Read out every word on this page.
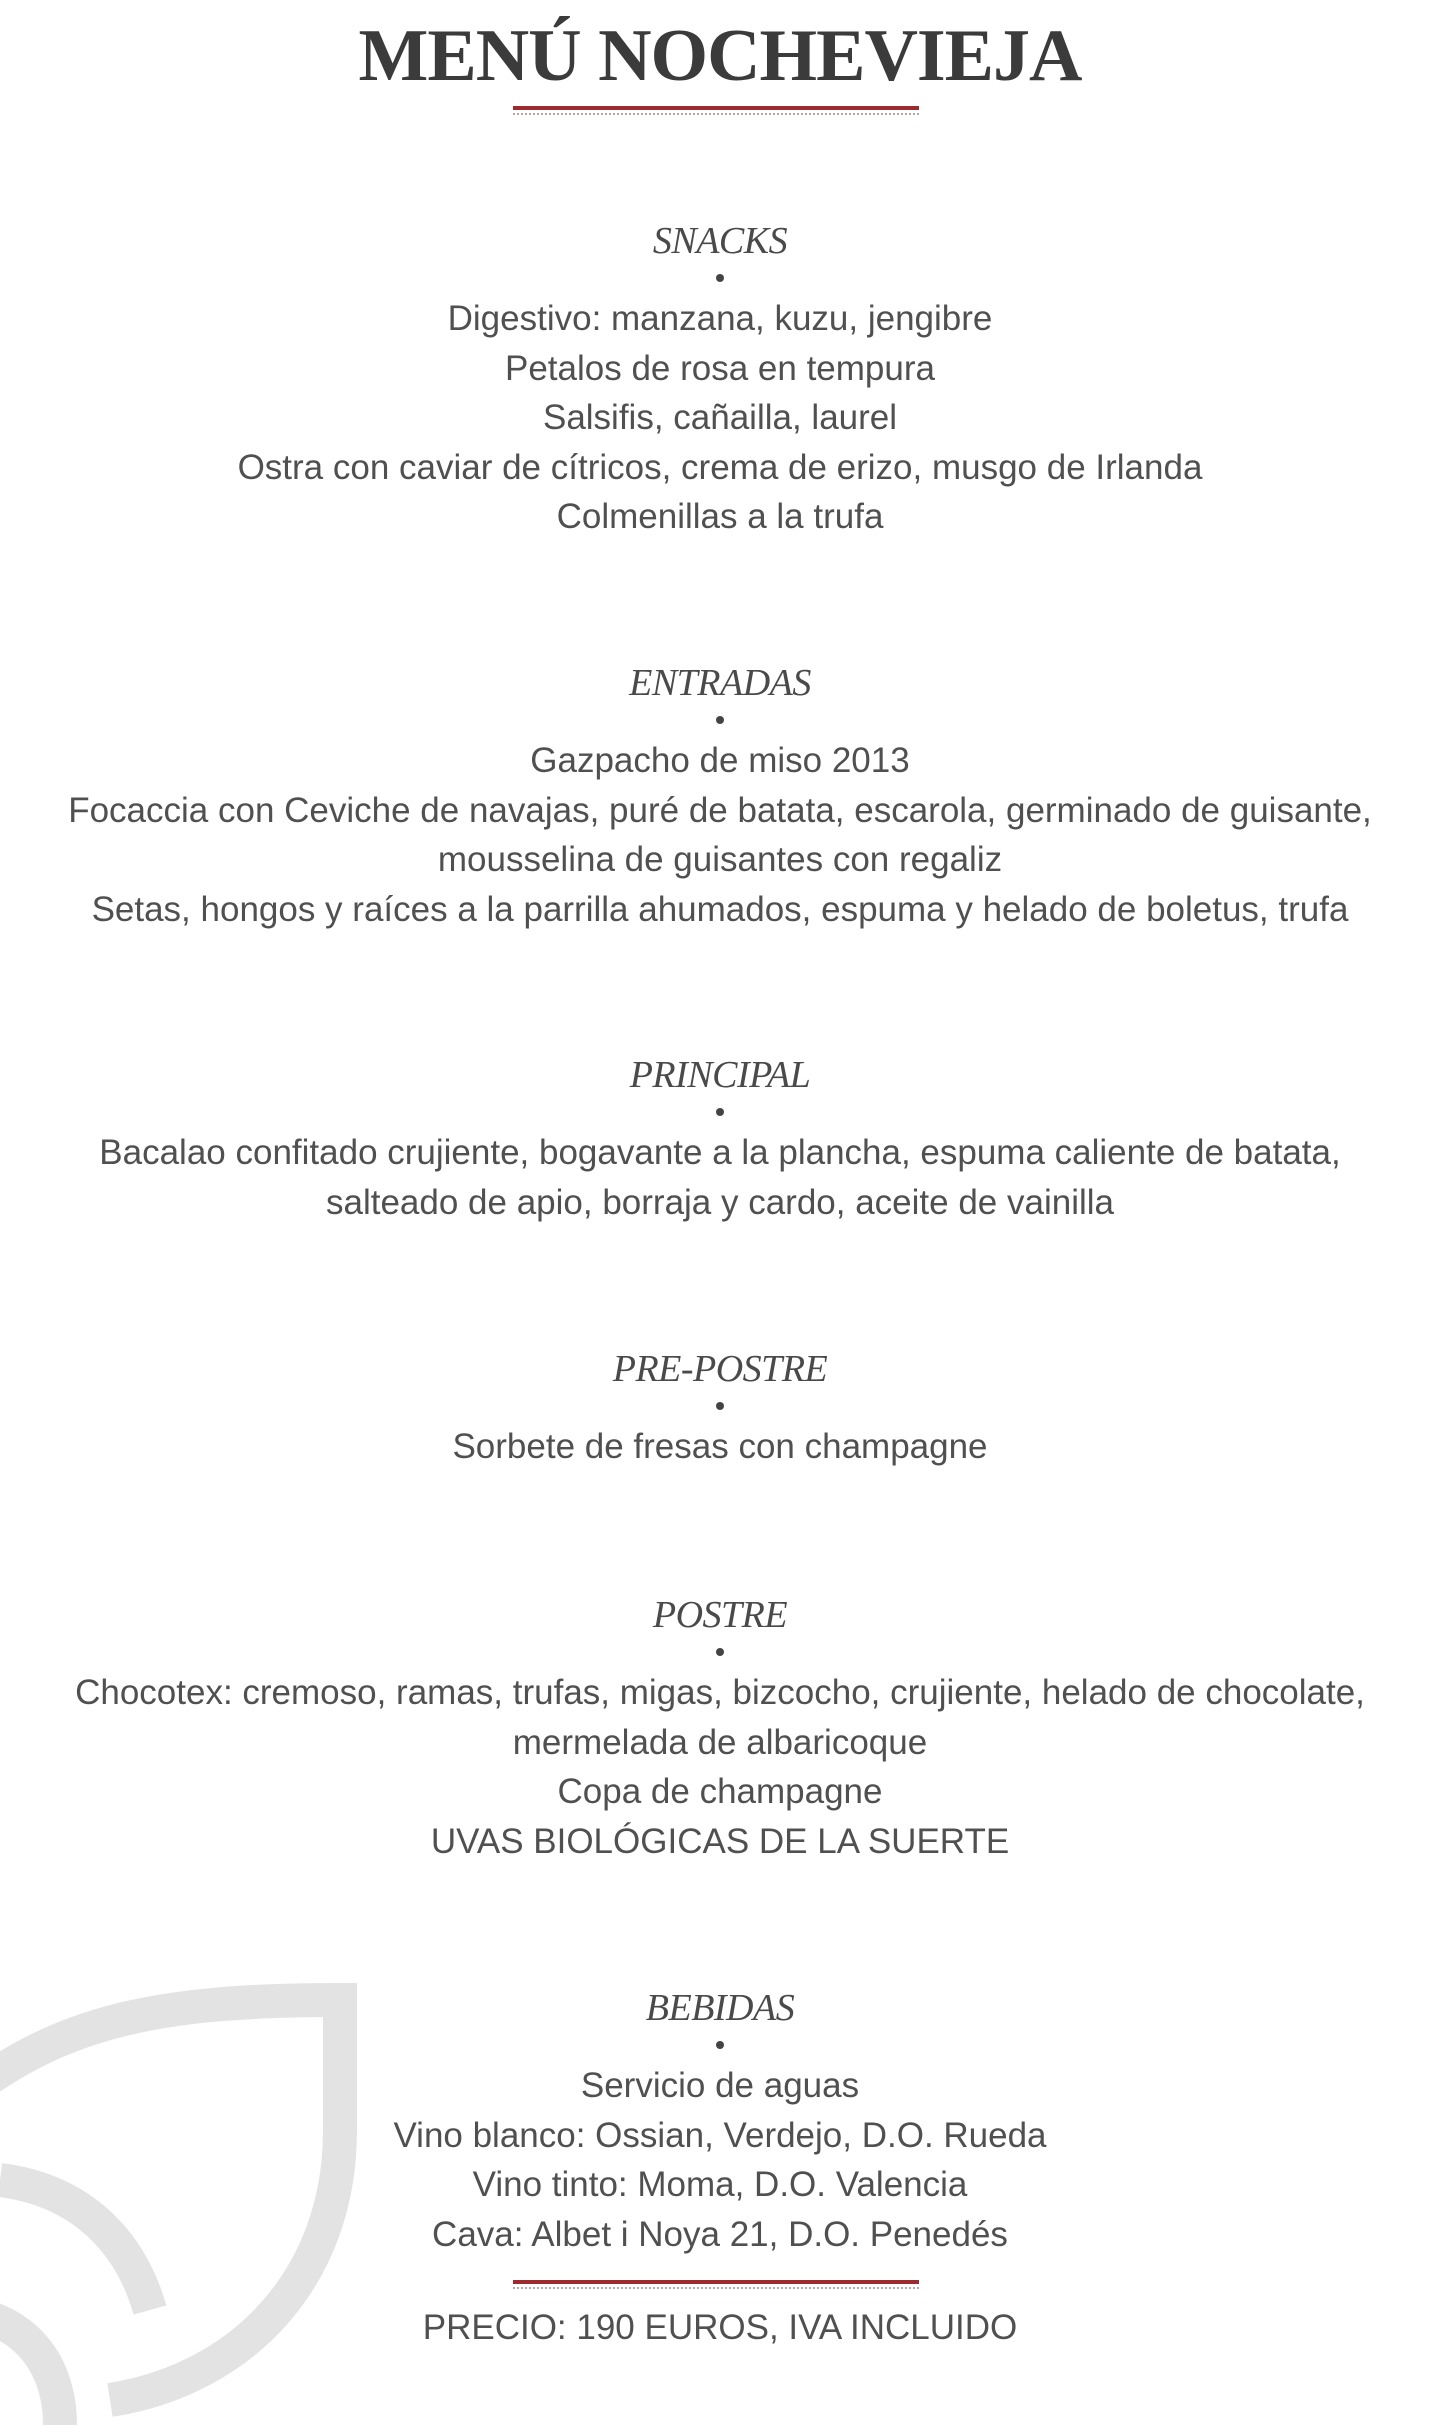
MENÚ NOCHEVIEJA
SNACKS
Digestivo: manzana, kuzu, jengibre
Petalos de rosa en tempura
Salsifis, cañailla, laurel
Ostra con caviar de cítricos, crema de erizo, musgo de Irlanda
Colmenillas a la trufa
ENTRADAS
Gazpacho de miso 2013
Focaccia con Ceviche de navajas, puré de batata, escarola, germinado de guisante,
mousselina de guisantes con regaliz
Setas, hongos y raíces a la parrilla ahumados, espuma y helado de boletus, trufa
PRINCIPAL
Bacalao confitado crujiente, bogavante a la plancha, espuma caliente de batata,
salteado de apio, borraja y cardo, aceite de vainilla
PRE-POSTRE
Sorbete de fresas con champagne
POSTRE
Chocotex: cremoso, ramas, trufas, migas, bizcocho, crujiente, helado de chocolate,
mermelada de albaricoque
Copa de champagne
UVAS BIOLÓGICAS DE LA SUERTE
BEBIDAS
Servicio de aguas
Vino blanco: Ossian, Verdejo, D.O. Rueda
Vino tinto: Moma, D.O. Valencia
Cava: Albet i Noya 21, D.O. Penedés
PRECIO: 190 EUROS, IVA INCLUIDO
